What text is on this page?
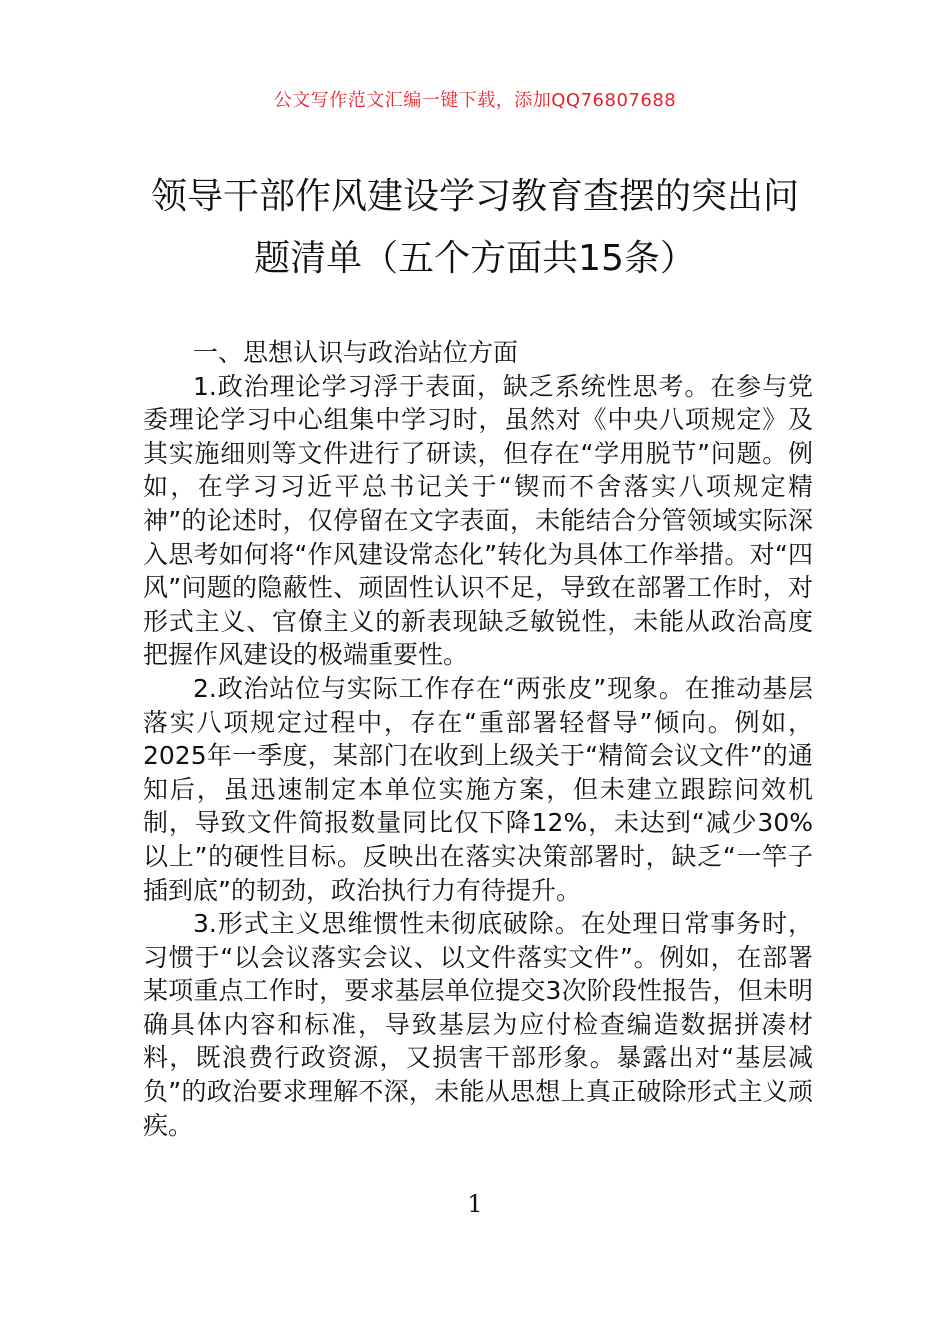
公文写作范文汇编一键下载，添加QQ76807688
领导干部作风建设学习教育查摆的突出问题清单（五个方面共15条）

一、思想认识与政治站位方面

1.政治理论学习浮于表面，缺乏系统性思考。在参与党委理论学习中心组集中学习时，虽然对《中央八项规定》及其实施细则等文件进行了研读，但存在“学用脱节”问题。例如，在学习习近平总书记关于“锲而不舍落实八项规定精神”的论述时，仅停留在文字表面，未能结合分管领域实际深入思考如何将“作风建设常态化”转化为具体工作举措。对“四风”问题的隐蔽性、顽固性认识不足，导致在部署工作时，对形式主义、官僚主义的新表现缺乏敏锐性，未能从政治高度把握作风建设的极端重要性。

2.政治站位与实际工作存在“两张皮”现象。在推动基层落实八项规定过程中，存在“重部署轻督导”倾向。例如，2025年一季度，某部门在收到上级关于“精简会议文件”的通知后，虽迅速制定本单位实施方案，但未建立跟踪问效机制，导致文件简报数量同比仅下降12%，未达到“减少30%以上”的硬性目标。反映出在落实决策部署时，缺乏“一竿子插到底”的韧劲，政治执行力有待提升。

3.形式主义思维惯性未彻底破除。在处理日常事务时，习惯于“以会议落实会议、以文件落实文件”。例如，在部署某项重点工作时，要求基层单位提交3次阶段性报告，但未明确具体内容和标准，导致基层为应付检查编造数据拼凑材料，既浪费行政资源，又损害干部形象。暴露出对“基层减负”的政治要求理解不深，未能从思想上真正破除形式主义顽疾。

1
